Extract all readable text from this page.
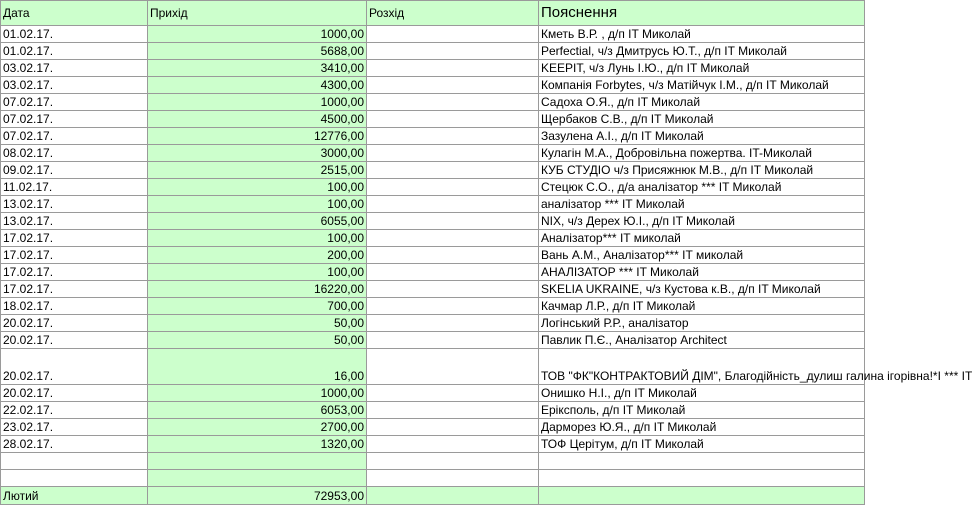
Дата	Прихід	Розхід	Пояснення
01.02.17.	1000,00		Кметь В.Р. , д/п IT Миколай
01.02.17.	5688,00		Perfectial, ч/з Дмитрусь Ю.Т., д/п IT Миколай
03.02.17.	3410,00		KEEPIT, ч/з Лунь І.Ю., д/п IT Миколай
03.02.17.	4300,00		Компанія Forbytes, ч/з Матійчук І.М., д/п IT Миколай
07.02.17.	1000,00		Садоха О.Я., д/п IT Миколай
07.02.17.	4500,00		Щербаков С.В., д/п IT Миколай
07.02.17.	12776,00		Зазулена А.І., д/п IT Миколай
08.02.17.	3000,00		Кулагін М.А., Добровільна пожертва. IT-Миколай
09.02.17.	2515,00		КУБ СТУДІО ч/з Присяжнюк М.В., д/п IT Миколай
11.02.17.	100,00		Стецюк С.О., д/а аналізатор *** IT Миколай
13.02.17.	100,00		аналізатор *** IT Миколай
13.02.17.	6055,00		NIX, ч/з Дерех Ю.І., д/п IT Миколай
17.02.17.	100,00		Аналізатор*** IT миколай
17.02.17.	200,00		Вань А.М., Аналізатор*** IT миколай
17.02.17.	100,00		АНАЛІЗАТОР *** IT Миколай
17.02.17.	16220,00		SKELIA UKRAINE, ч/з Кустова к.В., д/п IT Миколай
18.02.17.	700,00		Качмар Л.Р., д/п IT Миколай
20.02.17.	50,00		Логінський Р.Р., аналізатор
20.02.17.	50,00		Павлик П.Є., Аналізатор Architect
20.02.17.	16,00		ТОВ "ФК"КОНТРАКТОВИЙ ДІМ", Благодійність_дулиш галина ігорівна!*І *** IT
20.02.17.	1000,00		Онишко Н.І., д/п IT Миколай
22.02.17.	6053,00		Еріксполь, д/п IT Миколай
23.02.17.	2700,00		Дарморез Ю.Я., д/п IT Миколай
28.02.17.	1320,00		ТОФ Церітум, д/п IT Миколай

Лютий	72953,00		
